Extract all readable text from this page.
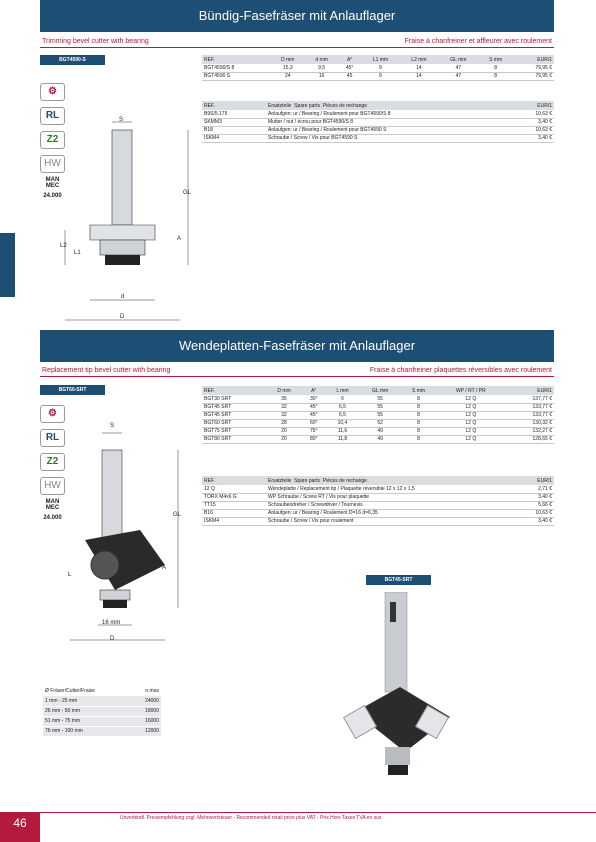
Bündig-Fasefräser mit Anlauflager
Trimming bevel cutter with bearing	Fraise à chanfreiner et affleurer avec roulement
BGT4590-S
⚙
RL
Z2
HW
MAN
MEC
24.000
S
GL
L2
L1
A
d
D
REF.	D mm	d mm	A°	L1 mm	L2 mm	GL mm	S mm	EUR/1
BGT4590/S 8	15,3	9,5	45°	9	14	47	8	79,95 €
BGT4590 S	24	16	45	9	14	47	8	79,95 €
REF.	Ersatzteile Spare parts Pièces de rechange	EUR/1
B9S/5.175	Anlaufgen: ur / Bearing / Roulement pour BGT4590/S 8	10,63 €
SKMM3	Mutter / nut / écrou pour BGT4590/S 8	3,40 €
B18	Anlaufgen: ur / Bearing / Roulement pour BGT4590 S	10,63 €
ISKM4	Schraube / Screw / Vis pour BGT4590 S	3,40 €
Wendeplatten-Fasefräser mit Anlauflager
Replacement tip bevel cutter with bearing	Fraise à chanfreiner plaquettes réversibles avec roulement
BGT60-SRT
⚙
RL
Z2
HW
MAN
MEC
24.000
S
GL
L
A
16 mm
D
REF.	D mm	A°	L mm	GL mm	S mm	WP / RT / PR	EUR/1
BGT30 SRT	35	30°	6	55	8	12 Q	137,77 €
BGT45 SRT	32	45°	6,5	55	8	12 Q	133,77 €
BGT45 SRT	32	45°	6,5	55	8	12 Q	133,77 €
BGT60 SRT	28	60°	10,4	52	8	12 Q	130,32 €
BGT75 SRT	20	75°	11,6	49	8	12 Q	132,27 €
BGT80 SRT	20	80°	11,8	49	8	12 Q	128,65 €
REF.	Ersatzteile Spare parts Pièces de rechange	EUR/1
12 Q	Wendeplatte / Replacement tip / Plaquette réversible 12 x 12 x 1,5	2,71 €
TORX M4x6 G	WP Schraube / Screw RT / Vis pour plaquette	3,40 €
TT15	Schraubendreher / Screwdriver / Tournevis	5,66 €
B16	Anlaufgen: ur / Bearing / Roulement D=16 d=6,35	10,63 €
ISKM4	Schraube / Screw / Vis pour roulement	3,40 €
BGT45-SRT
Ø Fräser/Cutter/Fraise	n.max
1 mm - 25 mm	24000
26 mm - 50 mm	18000
51 mm - 75 mm	16000
76 mm - 100 mm	12000
46	Unverbindl. Preisempfehlung zzgl. Mehrwertsteuer - Recommended retail price plus VAT - Prix Hors Taxes TVA en sus
